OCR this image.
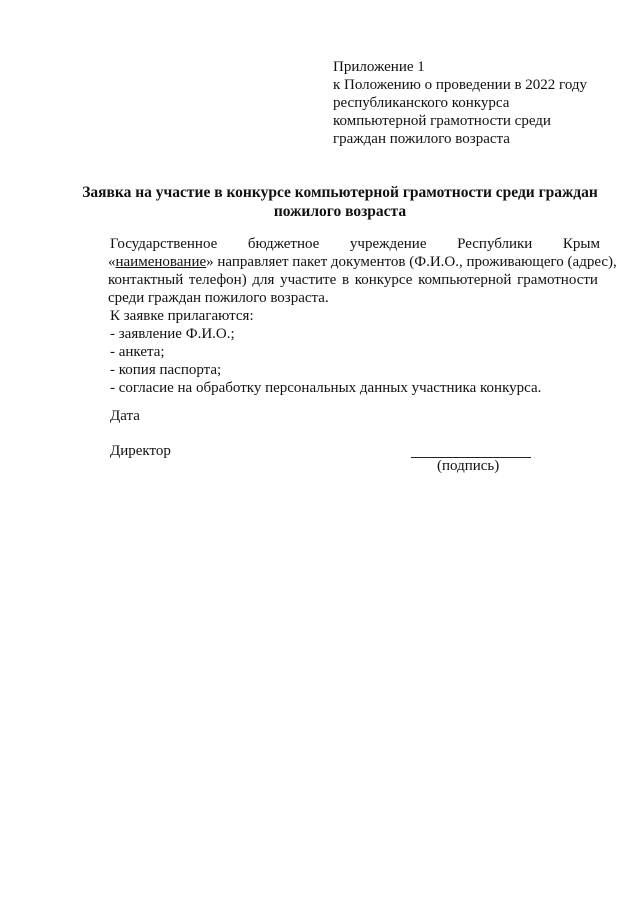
Приложение 1
к Положению о проведении в 2022 году
республиканского конкурса
компьютерной грамотности среди
граждан пожилого возраста
Заявка на участие в конкурсе компьютерной грамотности среди граждан
пожилого возраста
Государственное бюджетное учреждение Республики Крым
«наименование» направляет пакет документов (Ф.И.О., проживающего (адрес),
контактный телефон) для участите в конкурсе компьютерной грамотности
среди граждан пожилого возраста.
К заявке прилагаются:
- заявление Ф.И.О.;
- анкета;
- копия паспорта;
- согласие на обработку персональных данных участника конкурса.
Дата
Директор
(подпись)
